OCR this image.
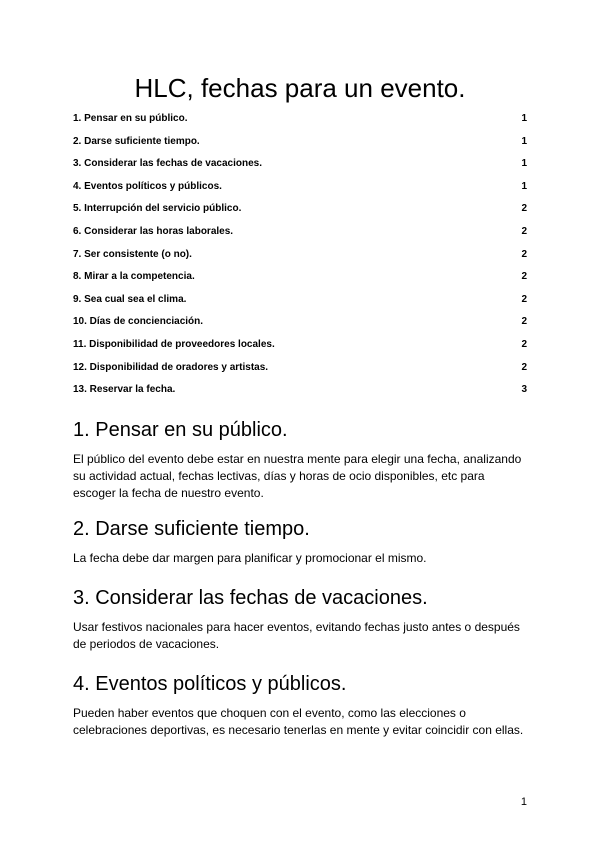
HLC, fechas para un evento.
1. Pensar en su público.	1
2. Darse suficiente tiempo.	1
3. Considerar las fechas de vacaciones.	1
4. Eventos políticos y públicos.	1
5. Interrupción del servicio público.	2
6. Considerar las horas laborales.	2
7. Ser consistente (o no).	2
8. Mirar a la competencia.	2
9. Sea cual sea el clima.	2
10. Días de concienciación.	2
11. Disponibilidad de proveedores locales.	2
12. Disponibilidad de oradores y artistas.	2
13. Reservar la fecha.	3
1. Pensar en su público.

El público del evento debe estar en nuestra mente para elegir una fecha, analizando su actividad actual, fechas lectivas, días y horas de ocio disponibles, etc para escoger la fecha de nuestro evento.

2. Darse suficiente tiempo.

La fecha debe dar margen para planificar y promocionar el mismo.

3. Considerar las fechas de vacaciones.

Usar festivos nacionales para hacer eventos, evitando fechas justo antes o después de periodos de vacaciones.

4. Eventos políticos y públicos.

Pueden haber eventos que choquen con el evento, como las elecciones o celebraciones deportivas, es necesario tenerlas en mente y evitar coincidir con ellas.

1
